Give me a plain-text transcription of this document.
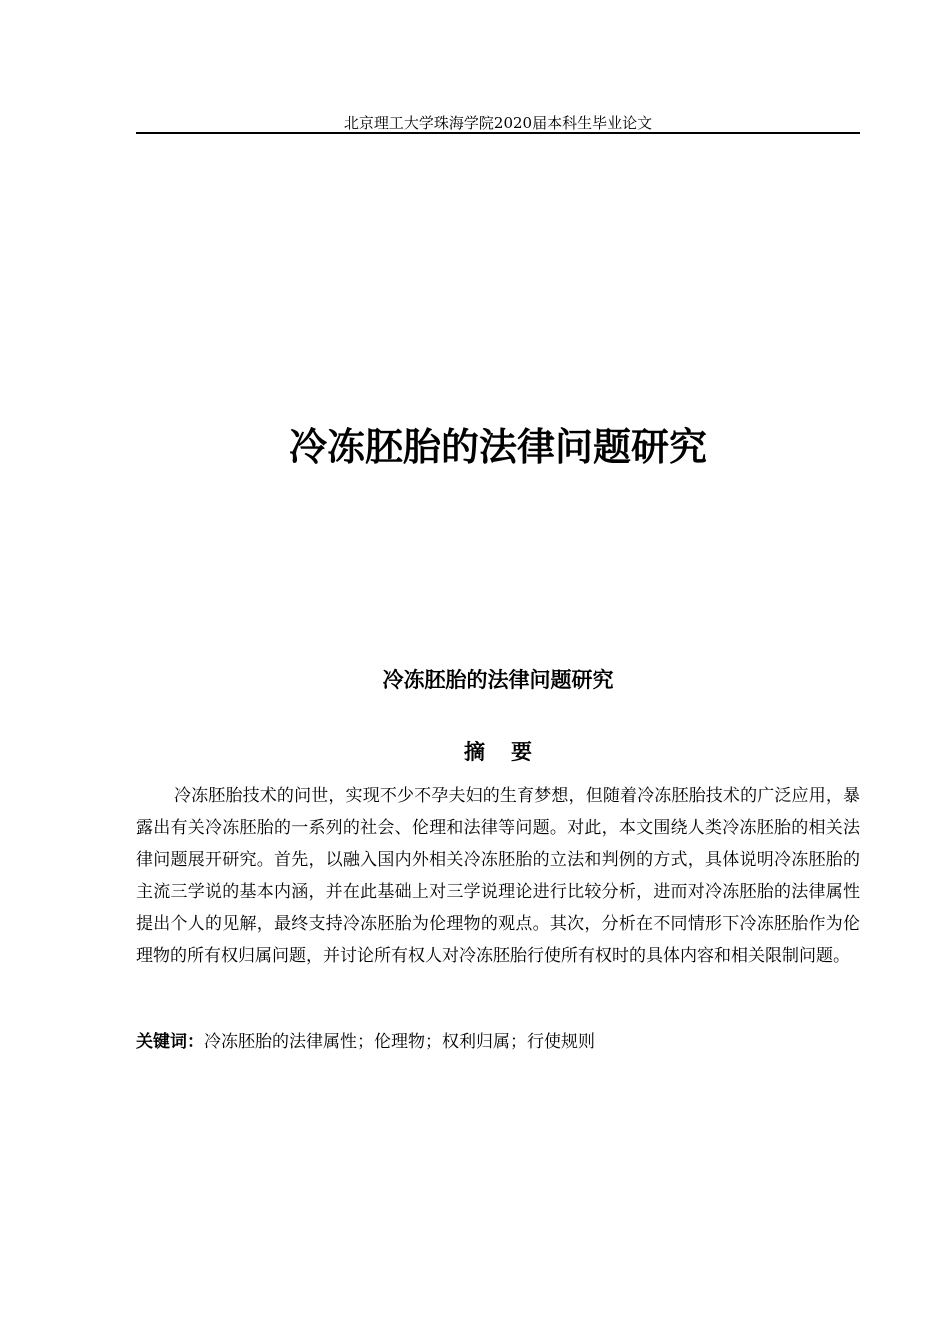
北京理工大学珠海学院2020届本科生毕业论文
冷冻胚胎的法律问题研究
冷冻胚胎的法律问题研究
摘要

冷冻胚胎技术的问世，实现不少不孕夫妇的生育梦想，但随着冷冻胚胎技术的广泛应用，暴露出有关冷冻胚胎的一系列的社会、伦理和法律等问题。对此，本文围绕人类冷冻胚胎的相关法律问题展开研究。首先，以融入国内外相关冷冻胚胎的立法和判例的方式，具体说明冷冻胚胎的主流三学说的基本内涵，并在此基础上对三学说理论进行比较分析，进而对冷冻胚胎的法律属性提出个人的见解，最终支持冷冻胚胎为伦理物的观点。其次，分析在不同情形下冷冻胚胎作为伦理物的所有权归属问题，并讨论所有权人对冷冻胚胎行使所有权时的具体内容和相关限制问题。

关键词：冷冻胚胎的法律属性；伦理物；权利归属；行使规则
